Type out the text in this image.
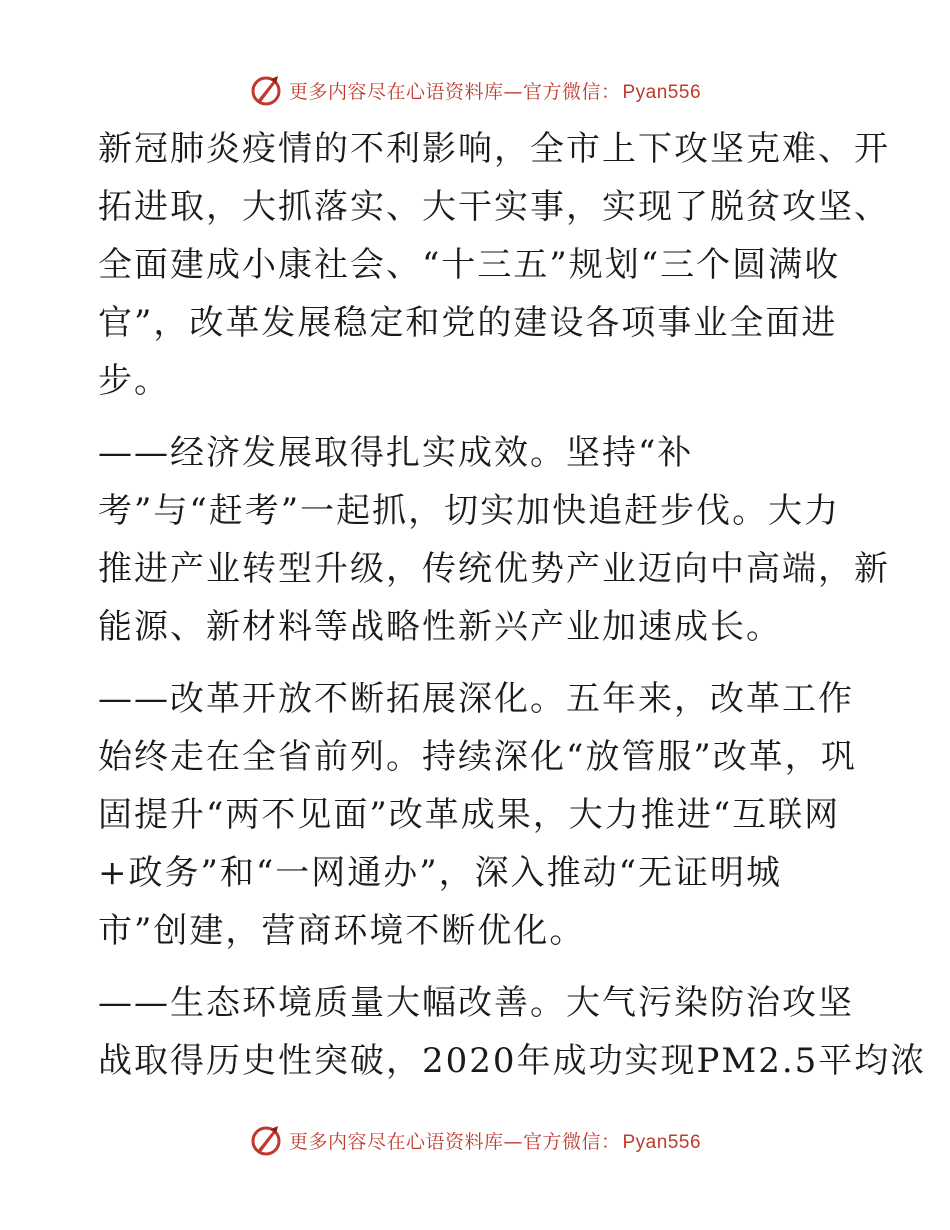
更多内容尽在心语资料库—官方微信： Pyan556

新冠肺炎疫情的不利影响，全市上下攻坚克难、开

拓进取，大抓落实、大干实事，实现了脱贫攻坚、

全面建成小康社会、“十三五”规划“三个圆满收

官”，改革发展稳定和党的建设各项事业全面进

步。

——经济发展取得扎实成效。坚持“补

考”与“赶考”一起抓，切实加快追赶步伐。大力

推进产业转型升级，传统优势产业迈向中高端，新

能源、新材料等战略性新兴产业加速成长。

——改革开放不断拓展深化。五年来，改革工作

始终走在全省前列。持续深化“放管服”改革，巩

固提升“两不见面”改革成果，大力推进“互联网

+政务”和“一网通办”，深入推动“无证明城

市”创建，营商环境不断优化。

——生态环境质量大幅改善。大气污染防治攻坚

战取得历史性突破，2020年成功实现PM2.5平均浓

更多内容尽在心语资料库—官方微信： Pyan556
